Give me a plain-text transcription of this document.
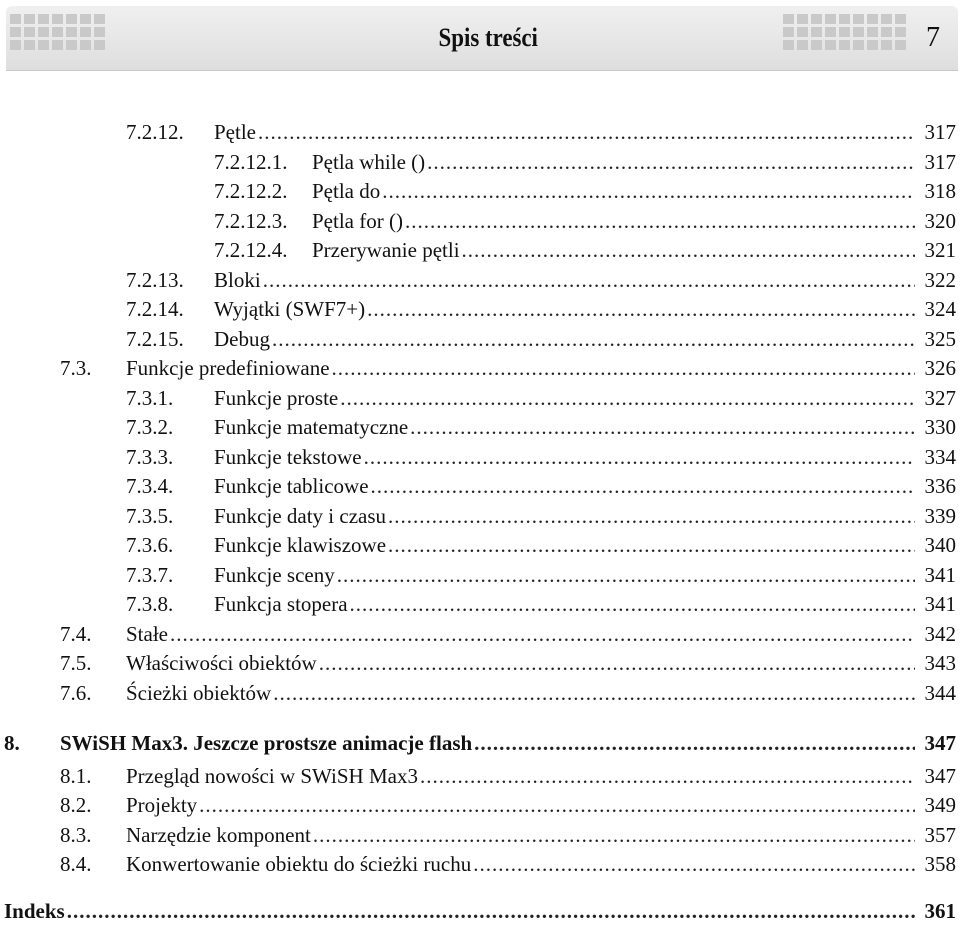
Spis treści	7
7.2.12. Pętle .....	317
7.2.12.1. Pętla while () .....	317
7.2.12.2. Pętla do .....	318
7.2.12.3. Pętla for () .....	320
7.2.12.4. Przerywanie pętli .....	321
7.2.13. Bloki .....	322
7.2.14. Wyjątki (SWF7+) .....	324
7.2.15. Debug .....	325
7.3. Funkcje predefiniowane .....	326
7.3.1. Funkcje proste .....	327
7.3.2. Funkcje matematyczne .....	330
7.3.3. Funkcje tekstowe .....	334
7.3.4. Funkcje tablicowe .....	336
7.3.5. Funkcje daty i czasu .....	339
7.3.6. Funkcje klawiszowe .....	340
7.3.7. Funkcje sceny .....	341
7.3.8. Funkcja stopera .....	341
7.4. Stałe .....	342
7.5. Właściwości obiektów .....	343
7.6. Ścieżki obiektów .....	344
8. SWiSH Max3. Jeszcze prostsze animacje flash .....	347
8.1. Przegląd nowości w SWiSH Max3 .....	347
8.2. Projekty .....	349
8.3. Narzędzie komponent .....	357
8.4. Konwertowanie obiektu do ścieżki ruchu .....	358
Indeks .....	361
